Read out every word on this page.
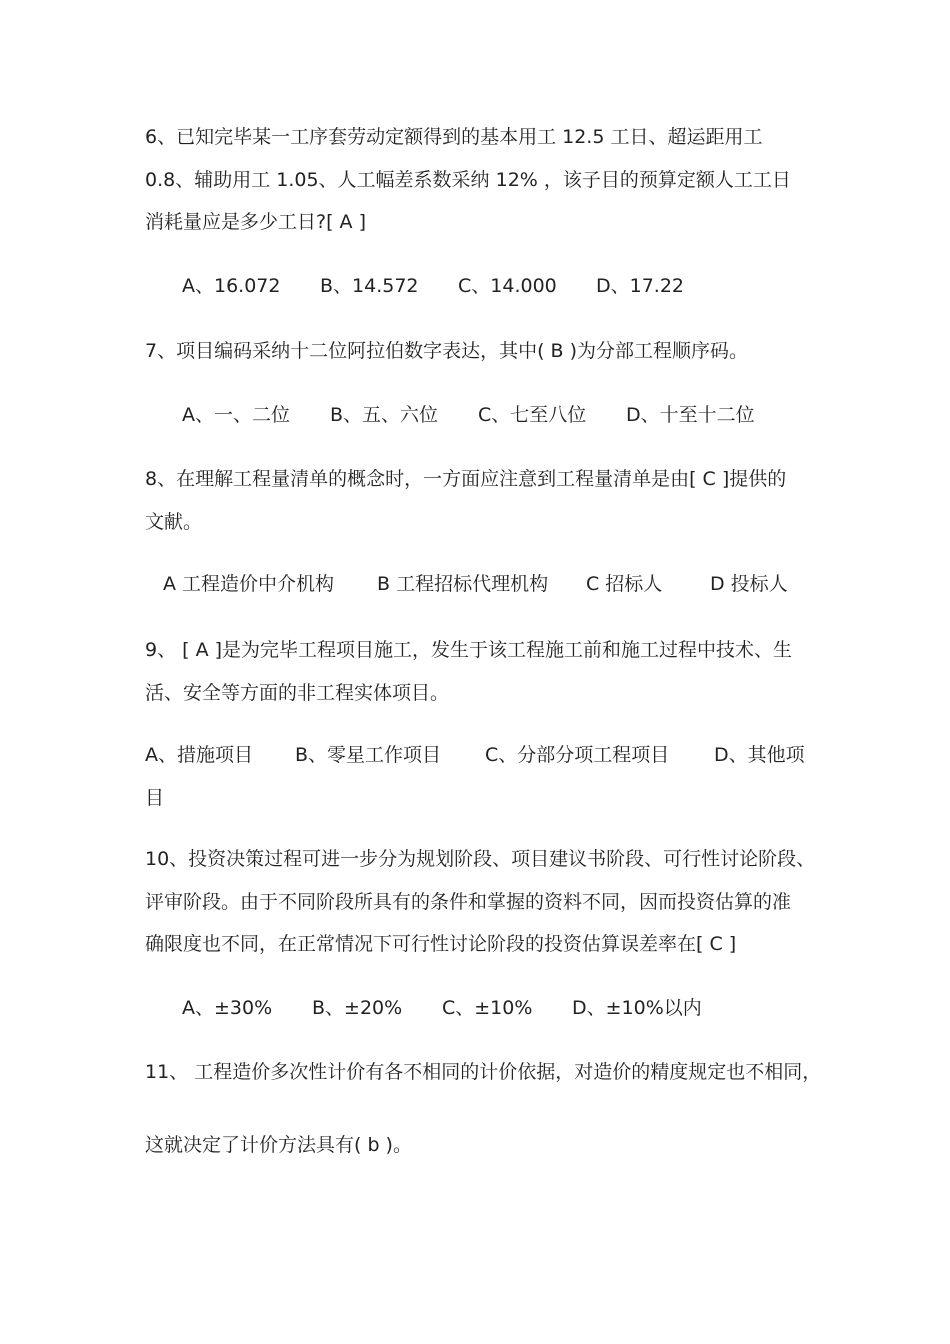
6、已知完毕某一工序套劳动定额得到的基本用工 12.5 工日、超运距用工
0.8、辅助用工 1.05、人工幅差系数采纳 12% ，该子目的预算定额人工工日
消耗量应是多少工日?[ A ]
A、16.072 B、14.572 C、14.000 D、17.22
7、项目编码采纳十二位阿拉伯数字表达，其中( B )为分部工程顺序码。
A、一、二位 B、五、六位 C、七至八位 D、十至十二位
8、在理解工程量清单的概念时，一方面应注意到工程量清单是由[ C ]提供的
文献。
A 工程造价中介机构 B 工程招标代理机构 C 招标人	D 投标人
9、 [ A ]是为完毕工程项目施工，发生于该工程施工前和施工过程中技术、生
活、安全等方面的非工程实体项目。
A、措施项目 B、零星工作项目 C、分部分项工程项目 D、其他项
目
10、投资决策过程可进一步分为规划阶段、项目建议书阶段、可行性讨论阶段、
评审阶段。由于不同阶段所具有的条件和掌握的资料不同，因而投资估算的准
确限度也不同，在正常情况下可行性讨论阶段的投资估算误差率在[ C ]
A、±30% B、±20% C、±10% D、±10%以内
11、 工程造价多次性计价有各不相同的计价依据，对造价的精度规定也不相同，
这就决定了计价方法具有( b )。
